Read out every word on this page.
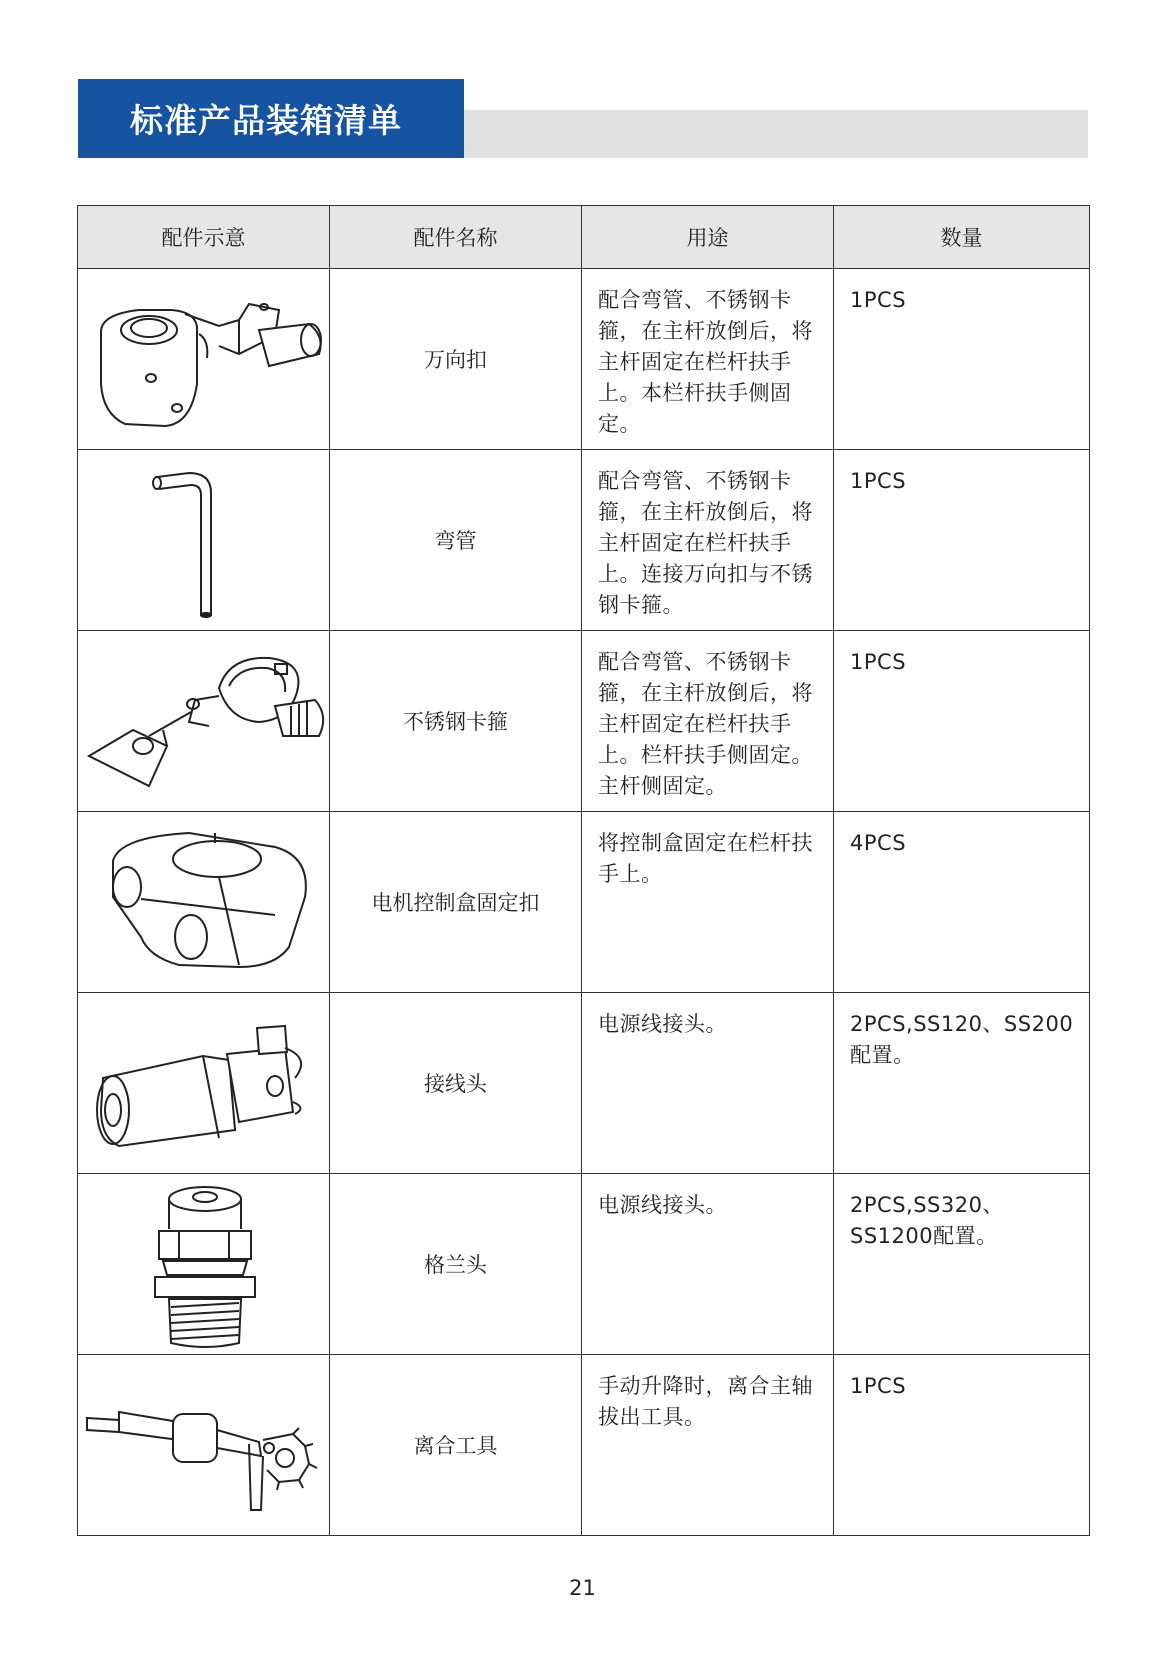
标准产品装箱清单
配件示意	配件名称	用途	数量

	万向扣	配合弯管、不锈钢卡箍，在主杆放倒后，将主杆固定在栏杆扶手上。本栏杆扶手侧固定。	1PCS

	弯管	配合弯管、不锈钢卡箍，在主杆放倒后，将主杆固定在栏杆扶手上。连接万向扣与不锈钢卡箍。	1PCS

	不锈钢卡箍	配合弯管、不锈钢卡箍，在主杆放倒后，将主杆固定在栏杆扶手上。栏杆扶手侧固定。主杆侧固定。	1PCS

	电机控制盒固定扣	将控制盒固定在栏杆扶手上。	4PCS

	接线头	电源线接头。	2PCS,SS120、SS200配置。

	格兰头	电源线接头。	2PCS,SS320、SS1200配置。

	离合工具	手动升降时，离合主轴拔出工具。	1PCS
21
